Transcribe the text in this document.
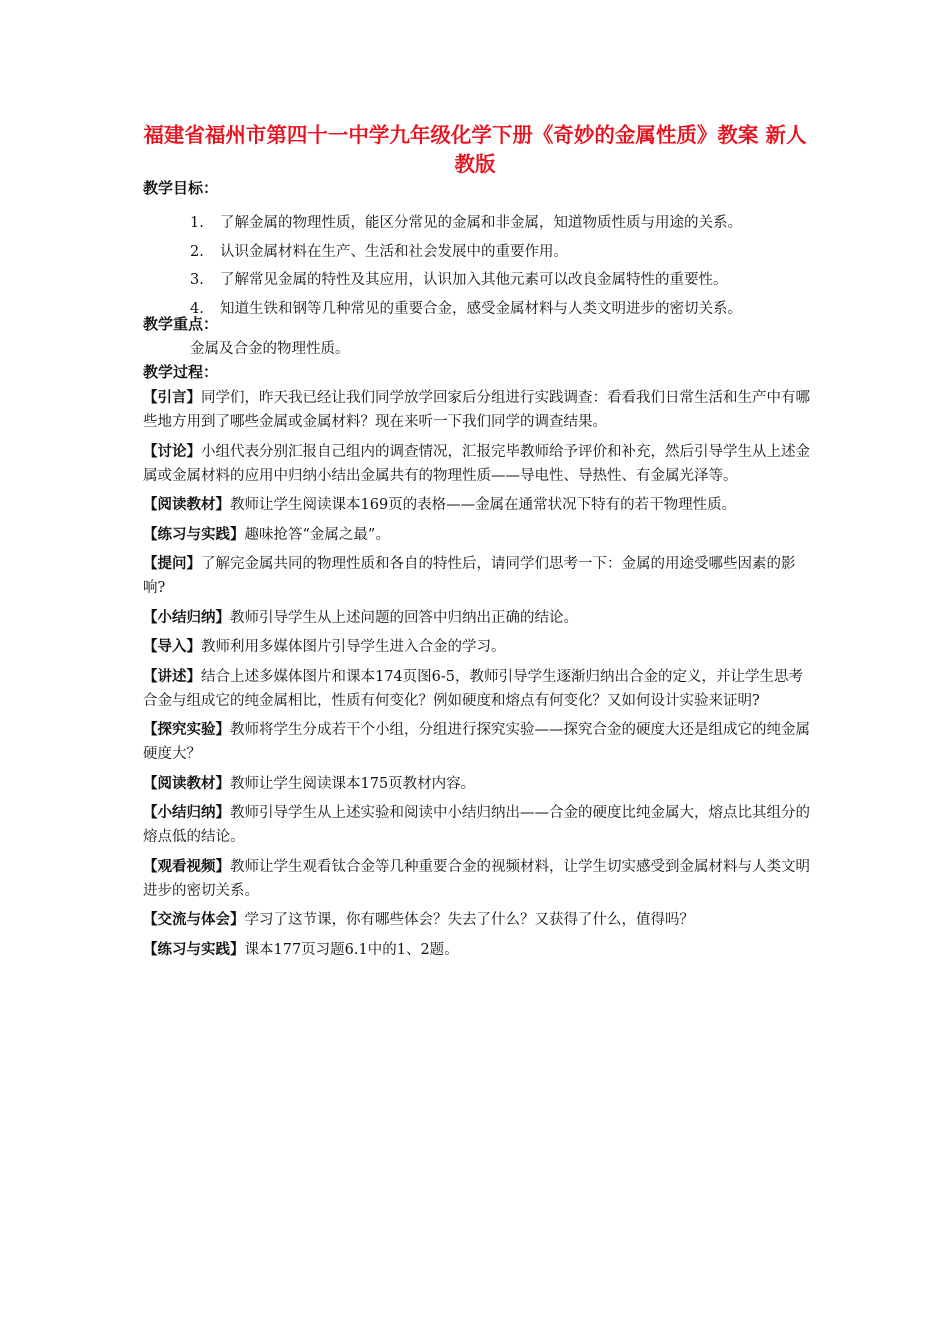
福建省福州市第四十一中学九年级化学下册《奇妙的金属性质》教案 新人教版
教学目标：
1. 了解金属的物理性质，能区分常见的金属和非金属，知道物质性质与用途的关系。
2. 认识金属材料在生产、生活和社会发展中的重要作用。
3. 了解常见金属的特性及其应用，认识加入其他元素可以改良金属特性的重要性。
4. 知道生铁和钢等几种常见的重要合金，感受金属材料与人类文明进步的密切关系。
教学重点：

金属及合金的物理性质。

教学过程：

【引言】同学们，昨天我已经让我们同学放学回家后分组进行实践调查：看看我们日常生活和生产中有哪些地方用到了哪些金属或金属材料？现在来听一下我们同学的调查结果。

【讨论】小组代表分别汇报自己组内的调查情况，汇报完毕教师给予评价和补充，然后引导学生从上述金属或金属材料的应用中归纳小结出金属共有的物理性质——导电性、导热性、有金属光泽等。

【阅读教材】教师让学生阅读课本169页的表格——金属在通常状况下特有的若干物理性质。

【练习与实践】趣味抢答“金属之最”。

【提问】了解完金属共同的物理性质和各自的特性后，请同学们思考一下：金属的用途受哪些因素的影响?

【小结归纳】教师引导学生从上述问题的回答中归纳出正确的结论。

【导入】教师利用多媒体图片引导学生进入合金的学习。

【讲述】结合上述多媒体图片和课本174页图6-5，教师引导学生逐渐归纳出合金的定义，并让学生思考合金与组成它的纯金属相比，性质有何变化？例如硬度和熔点有何变化？又如何设计实验来证明?

【探究实验】教师将学生分成若干个小组，分组进行探究实验——探究合金的硬度大还是组成它的纯金属硬度大？

【阅读教材】教师让学生阅读课本175页教材内容。

【小结归纳】教师引导学生从上述实验和阅读中小结归纳出——合金的硬度比纯金属大，熔点比其组分的熔点低的结论。

【观看视频】教师让学生观看钛合金等几种重要合金的视频材料，让学生切实感受到金属材料与人类文明进步的密切关系。

【交流与体会】学习了这节课，你有哪些体会？失去了什么？又获得了什么，值得吗？

【练习与实践】课本177页习题6.1中的1、2题。
